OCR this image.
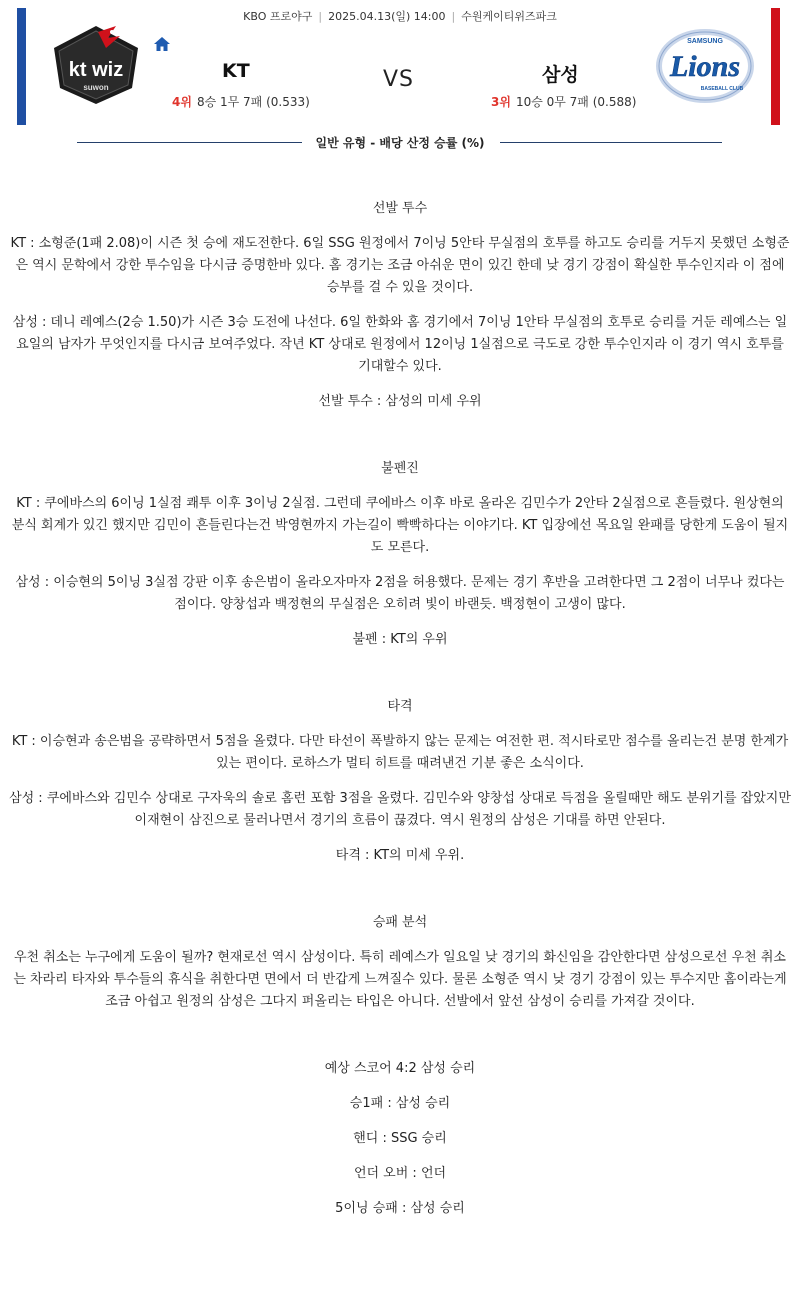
KBO 프로야구 | 2025.04.13(일) 14:00 | 수원케이티위즈파크
kt wiz
suwon
KT	VS	삼성
4위 8승 1무 7패 (0.533)	3위 10승 0무 7패 (0.588)
SAMSUNG
Lions
BASEBALL CLUB
일반 유형 - 배당 산정 승률 (%)

선발 투수

KT : 소형준(1패 2.08)이 시즌 첫 승에 재도전한다. 6일 SSG 원정에서 7이닝 5안타 무실점의 호투를 하고도 승리를 거두지 못했던 소형준은 역시 문학에서 강한 투수임을 다시금 증명한바 있다. 홈 경기는 조금 아쉬운 면이 있긴 한데 낮 경기 강점이 확실한 투수인지라 이 점에 승부를 걸 수 있을 것이다.

삼성 : 데니 레예스(2승 1.50)가 시즌 3승 도전에 나선다. 6일 한화와 홈 경기에서 7이닝 1안타 무실점의 호투로 승리를 거둔 레예스는 일요일의 남자가 무엇인지를 다시금 보여주었다. 작년 KT 상대로 원정에서 12이닝 1실점으로 극도로 강한 투수인지라 이 경기 역시 호투를 기대할수 있다.

선발 투수 : 삼성의 미세 우위

불펜진

KT : 쿠에바스의 6이닝 1실점 쾌투 이후 3이닝 2실점. 그런데 쿠에바스 이후 바로 올라온 김민수가 2안타 2실점으로 흔들렸다. 원상현의 분식 회계가 있긴 했지만 김민이 흔들린다는건 박영현까지 가는길이 빡빡하다는 이야기다. KT 입장에선 목요일 완패를 당한게 도움이 될지도 모른다.

삼성 : 이승현의 5이닝 3실점 강판 이후 송은범이 올라오자마자 2점을 허용했다. 문제는 경기 후반을 고려한다면 그 2점이 너무나 컸다는 점이다. 양창섭과 백정현의 무실점은 오히려 빛이 바랜듯. 백정현이 고생이 많다.

불펜 : KT의 우위

타격

KT : 이승현과 송은범을 공략하면서 5점을 올렸다. 다만 타선이 폭발하지 않는 문제는 여전한 편. 적시타로만 점수를 올리는건 분명 한계가 있는 편이다. 로하스가 멀티 히트를 때려낸건 기분 좋은 소식이다.

삼성 : 쿠에바스와 김민수 상대로 구자욱의 솔로 홈런 포함 3점을 올렸다. 김민수와 양창섭 상대로 득점을 올릴때만 해도 분위기를 잡았지만 이재현이 삼진으로 물러나면서 경기의 흐름이 끊겼다. 역시 원정의 삼성은 기대를 하면 안된다.

타격 : KT의 미세 우위.

승패 분석

우천 취소는 누구에게 도움이 될까? 현재로선 역시 삼성이다. 특히 레예스가 일요일 낮 경기의 화신임을 감안한다면 삼성으로선 우천 취소는 차라리 타자와 투수들의 휴식을 취한다면 면에서 더 반갑게 느껴질수 있다. 물론 소형준 역시 낮 경기 강점이 있는 투수지만 홈이라는게 조금 아쉽고 원정의 삼성은 그다지 퍼올리는 타입은 아니다. 선발에서 앞선 삼성이 승리를 가져갈 것이다.

예상 스코어 4:2 삼성 승리

승1패 : 삼성 승리

핸디 : SSG 승리

언더 오버 : 언더

5이닝 승패 : 삼성 승리
